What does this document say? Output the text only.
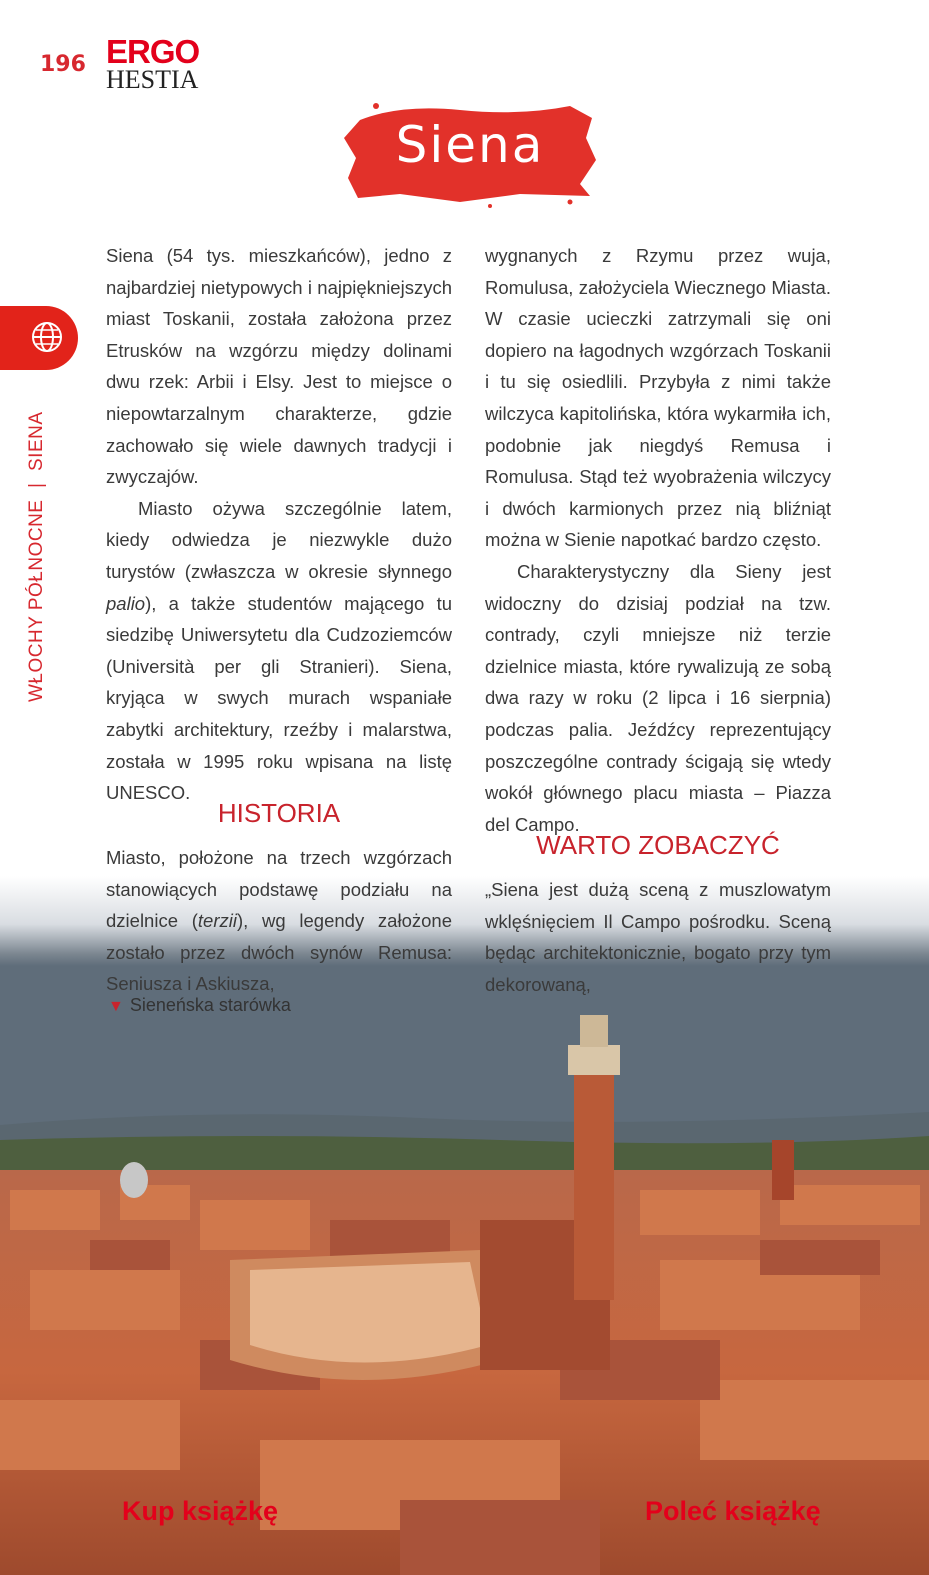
196 ERGO
HESTIA
Siena
WŁOCHY PÓŁNOCNE  |  SIENA

Siena (54 tys. mieszkańców), jedno z najbardziej nietypowych i najpiękniejszych miast Toskanii, została założona przez Etrusków na wzgórzu między dolinami dwu rzek: Arbii i Elsy. Jest to miejsce o niepowtarzalnym charakterze, gdzie zachowało się wiele dawnych tradycji i zwyczajów.

Miasto ożywa szczególnie latem, kiedy odwiedza je niezwykle dużo turystów (zwłaszcza w okresie słynnego palio), a także studentów mającego tu siedzibę Uniwersytetu dla Cudzoziemców (Università per gli Stranieri). Siena, kryjąca w swych murach wspaniałe zabytki architektury, rzeźby i malarstwa, została w 1995 roku wpisana na listę UNESCO.

wygnanych z Rzymu przez wuja, Romulusa, założyciela Wiecznego Miasta. W czasie ucieczki zatrzymali się oni dopiero na łagodnych wzgórzach Toskanii i tu się osiedlili. Przybyła z nimi także wilczyca kapitolińska, która wykarmiła ich, podobnie jak niegdyś Remusa i Romulusa. Stąd też wyobrażenia wilczycy i dwóch karmionych przez nią bliźniąt można w Sienie napotkać bardzo często.

Charakterystyczny dla Sieny jest widoczny do dzisiaj podział na tzw. contrady, czyli mniejsze niż terzie dzielnice miasta, które rywalizują ze sobą dwa razy w roku (2 lipca i 16 sierpnia) podczas palia. Jeźdźcy reprezentujący poszczególne contrady ścigają się wtedy wokół głównego placu miasta – Piazza del Campo.

HISTORIA

Miasto, położone na trzech wzgórzach stanowiących podstawę podziału na dzielnice (terzii), wg legendy założone zostało przez dwóch synów Remusa: Seniusza i Askiusza,

WARTO ZOBACZYĆ

„Siena jest dużą sceną z muszlowatym wklęśnięciem Il Campo pośrodku. Sceną będąc architektonicznie, bogato przy tym dekorowaną,

▼ Sieneńska starówka
Kup książkę	Poleć książkę
